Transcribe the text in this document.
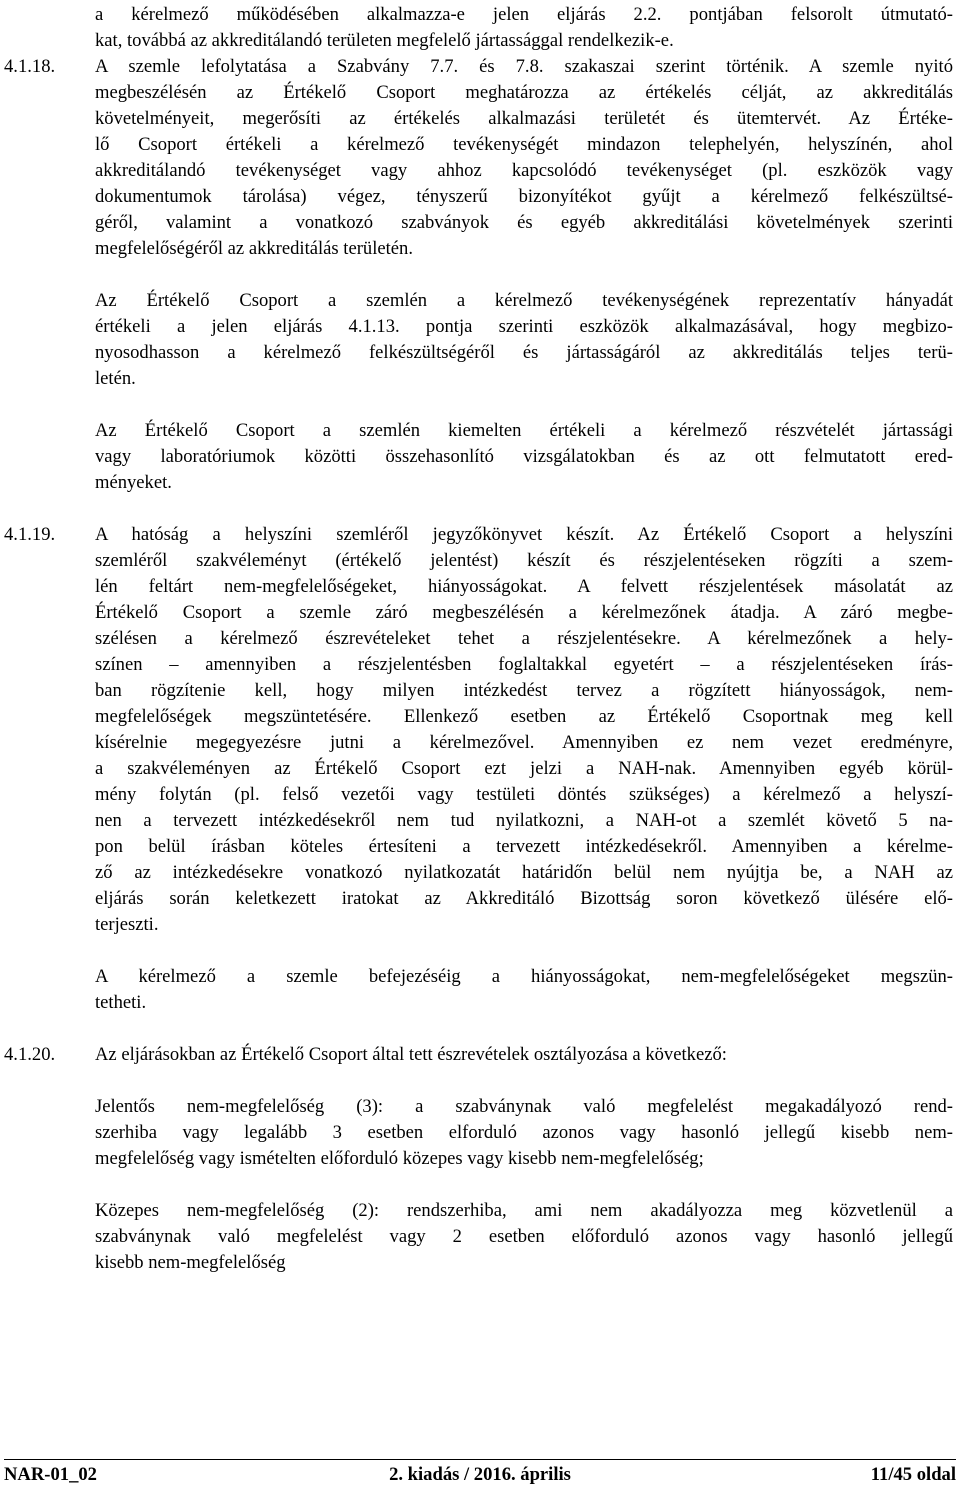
a kérelmező működésében alkalmazza-e jelen eljárás 2.2. pontjában felsorolt útmutató-
kat, továbbá az akkreditálandó területen megfelelő jártassággal rendelkezik-e.
4.1.18. A szemle lefolytatása a Szabvány 7.7. és 7.8. szakaszai szerint történik. A szemle nyitó
megbeszélésén az Értékelő Csoport meghatározza az értékelés célját, az akkreditálás
követelményeit, megerősíti az értékelés alkalmazási területét és ütemtervét. Az Értéke-
lő Csoport értékeli a kérelmező tevékenységét mindazon telephelyén, helyszínén, ahol
akkreditálandó tevékenységet vagy ahhoz kapcsolódó tevékenységet (pl. eszközök vagy
dokumentumok tárolása) végez, tényszerű bizonyítékot gyűjt a kérelmező felkészültsé-
géről, valamint a vonatkozó szabványok és egyéb akkreditálási követelmények szerinti
megfelelőségéről az akkreditálás területén.
Az Értékelő Csoport a szemlén a kérelmező tevékenységének reprezentatív hányadát
értékeli a jelen eljárás 4.1.13. pontja szerinti eszközök alkalmazásával, hogy megbizo-
nyosodhasson a kérelmező felkészültségéről és jártasságáról az akkreditálás teljes terü-
letén.
Az Értékelő Csoport a szemlén kiemelten értékeli a kérelmező részvételét jártassági
vagy laboratóriumok közötti összehasonlító vizsgálatokban és az ott felmutatott ered-
ményeket.
4.1.19. A hatóság a helyszíni szemléről jegyzőkönyvet készít. Az Értékelő Csoport a helyszíni
szemléről szakvéleményt (értékelő jelentést) készít és részjelentéseken rögzíti a szem-
lén feltárt nem-megfelelőségeket, hiányosságokat. A felvett részjelentések másolatát az
Értékelő Csoport a szemle záró megbeszélésén a kérelmezőnek átadja. A záró megbe-
szélésen a kérelmező észrevételeket tehet a részjelentésekre. A kérelmezőnek a hely-
színen – amennyiben a részjelentésben foglaltakkal egyetért – a részjelentéseken írás-
ban rögzítenie kell, hogy milyen intézkedést tervez a rögzített hiányosságok, nem-
megfelelőségek megszüntetésére. Ellenkező esetben az Értékelő Csoportnak meg kell
kísérelnie megegyezésre jutni a kérelmezővel. Amennyiben ez nem vezet eredményre,
a szakvéleményen az Értékelő Csoport ezt jelzi a NAH-nak. Amennyiben egyéb körül-
mény folytán (pl. felső vezetői vagy testületi döntés szükséges) a kérelmező a helyszí-
nen a tervezett intézkedésekről nem tud nyilatkozni, a NAH-ot a szemlét követő 5 na-
pon belül írásban köteles értesíteni a tervezett intézkedésekről. Amennyiben a kérelme-
ző az intézkedésekre vonatkozó nyilatkozatát határidőn belül nem nyújtja be, a NAH az
eljárás során keletkezett iratokat az Akkreditáló Bizottság soron következő ülésére elő-
terjeszti.
A kérelmező a szemle befejezéséig a hiányosságokat, nem-megfelelőségeket megszün-
tetheti.
4.1.20. Az eljárásokban az Értékelő Csoport által tett észrevételek osztályozása a következő:
Jelentős nem-megfelelőség (3): a szabványnak való megfelelést megakadályozó rend-
szerhiba vagy legalább 3 esetben elforduló azonos vagy hasonló jellegű kisebb nem-
megfelelőség vagy ismételten előforduló közepes vagy kisebb nem-megfelelőség;
Közepes nem-megfelelőség (2): rendszerhiba, ami nem akadályozza meg közvetlenül a
szabványnak való megfelelést vagy 2 esetben előforduló azonos vagy hasonló jellegű
kisebb nem-megfelelőség
NAR-01_02	2. kiadás / 2016. április	11/45 oldal
